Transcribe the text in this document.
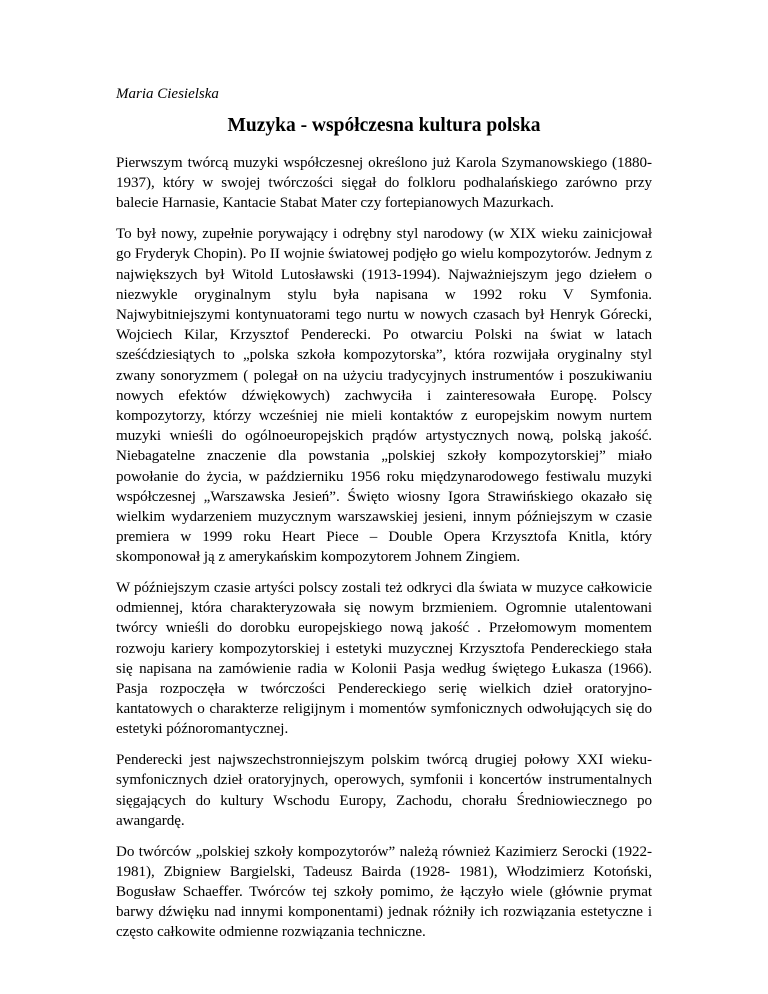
Maria Ciesielska

Muzyka - współczesna kultura polska

Pierwszym twórcą muzyki współczesnej określono już Karola Szymanowskiego (1880-1937), który w swojej twórczości sięgał do folkloru podhalańskiego zarówno przy balecie Harnasie, Kantacie Stabat Mater czy fortepianowych Mazurkach.

To był nowy, zupełnie porywający i odrębny styl narodowy (w XIX wieku zainicjował go Fryderyk Chopin). Po II wojnie światowej podjęło go wielu kompozytorów. Jednym z największych był Witold Lutosławski (1913-1994). Najważniejszym jego dziełem o niezwykle oryginalnym stylu była napisana w 1992 roku V Symfonia. Najwybitniejszymi kontynuatorami tego nurtu w nowych czasach był Henryk Górecki, Wojciech Kilar, Krzysztof Penderecki. Po otwarciu Polski na świat w latach sześćdziesiątych to „polska szkoła kompozytorska”, która rozwijała oryginalny styl zwany sonoryzmem ( polegał on na użyciu tradycyjnych instrumentów i poszukiwaniu nowych efektów dźwiękowych) zachwyciła i zainteresowała Europę. Polscy kompozytorzy, którzy wcześniej nie mieli kontaktów z europejskim nowym nurtem muzyki wnieśli do ogólnoeuropejskich prądów artystycznych nową, polską jakość. Niebagatelne znaczenie dla powstania „polskiej szkoły kompozytorskiej” miało powołanie do życia, w październiku 1956 roku międzynarodowego festiwalu muzyki współczesnej „Warszawska Jesień”. Święto wiosny Igora Strawińskiego okazało się wielkim wydarzeniem muzycznym warszawskiej jesieni, innym późniejszym w czasie premiera w 1999 roku Heart Piece – Double Opera Krzysztofa Knitla, który skomponował ją z amerykańskim kompozytorem Johnem Zingiem.

W późniejszym czasie artyści polscy zostali też odkryci dla świata w muzyce całkowicie odmiennej, która charakteryzowała się nowym brzmieniem. Ogromnie utalentowani twórcy wnieśli do dorobku europejskiego nową jakość . Przełomowym momentem rozwoju kariery kompozytorskiej i estetyki muzycznej Krzysztofa Pendereckiego stała się napisana na zamówienie radia w Kolonii Pasja według świętego Łukasza (1966). Pasja rozpoczęła w twórczości Pendereckiego serię wielkich dzieł oratoryjno- kantatowych o charakterze religijnym i momentów symfonicznych odwołujących się do estetyki późnoromantycznej.

Penderecki jest najwszechstronniejszym polskim twórcą drugiej połowy XXI wieku- symfonicznych dzieł oratoryjnych, operowych, symfonii i koncertów instrumentalnych sięgających do kultury Wschodu Europy, Zachodu, chorału Średniowiecznego po awangardę.

Do twórców „polskiej szkoły kompozytorów” należą również Kazimierz Serocki (1922-1981), Zbigniew Bargielski, Tadeusz Bairda (1928- 1981), Włodzimierz Kotoński, Bogusław Schaeffer. Twórców tej szkoły pomimo, że łączyło wiele (głównie prymat barwy dźwięku nad innymi komponentami) jednak różniły ich rozwiązania estetyczne i często całkowite odmienne rozwiązania techniczne.
